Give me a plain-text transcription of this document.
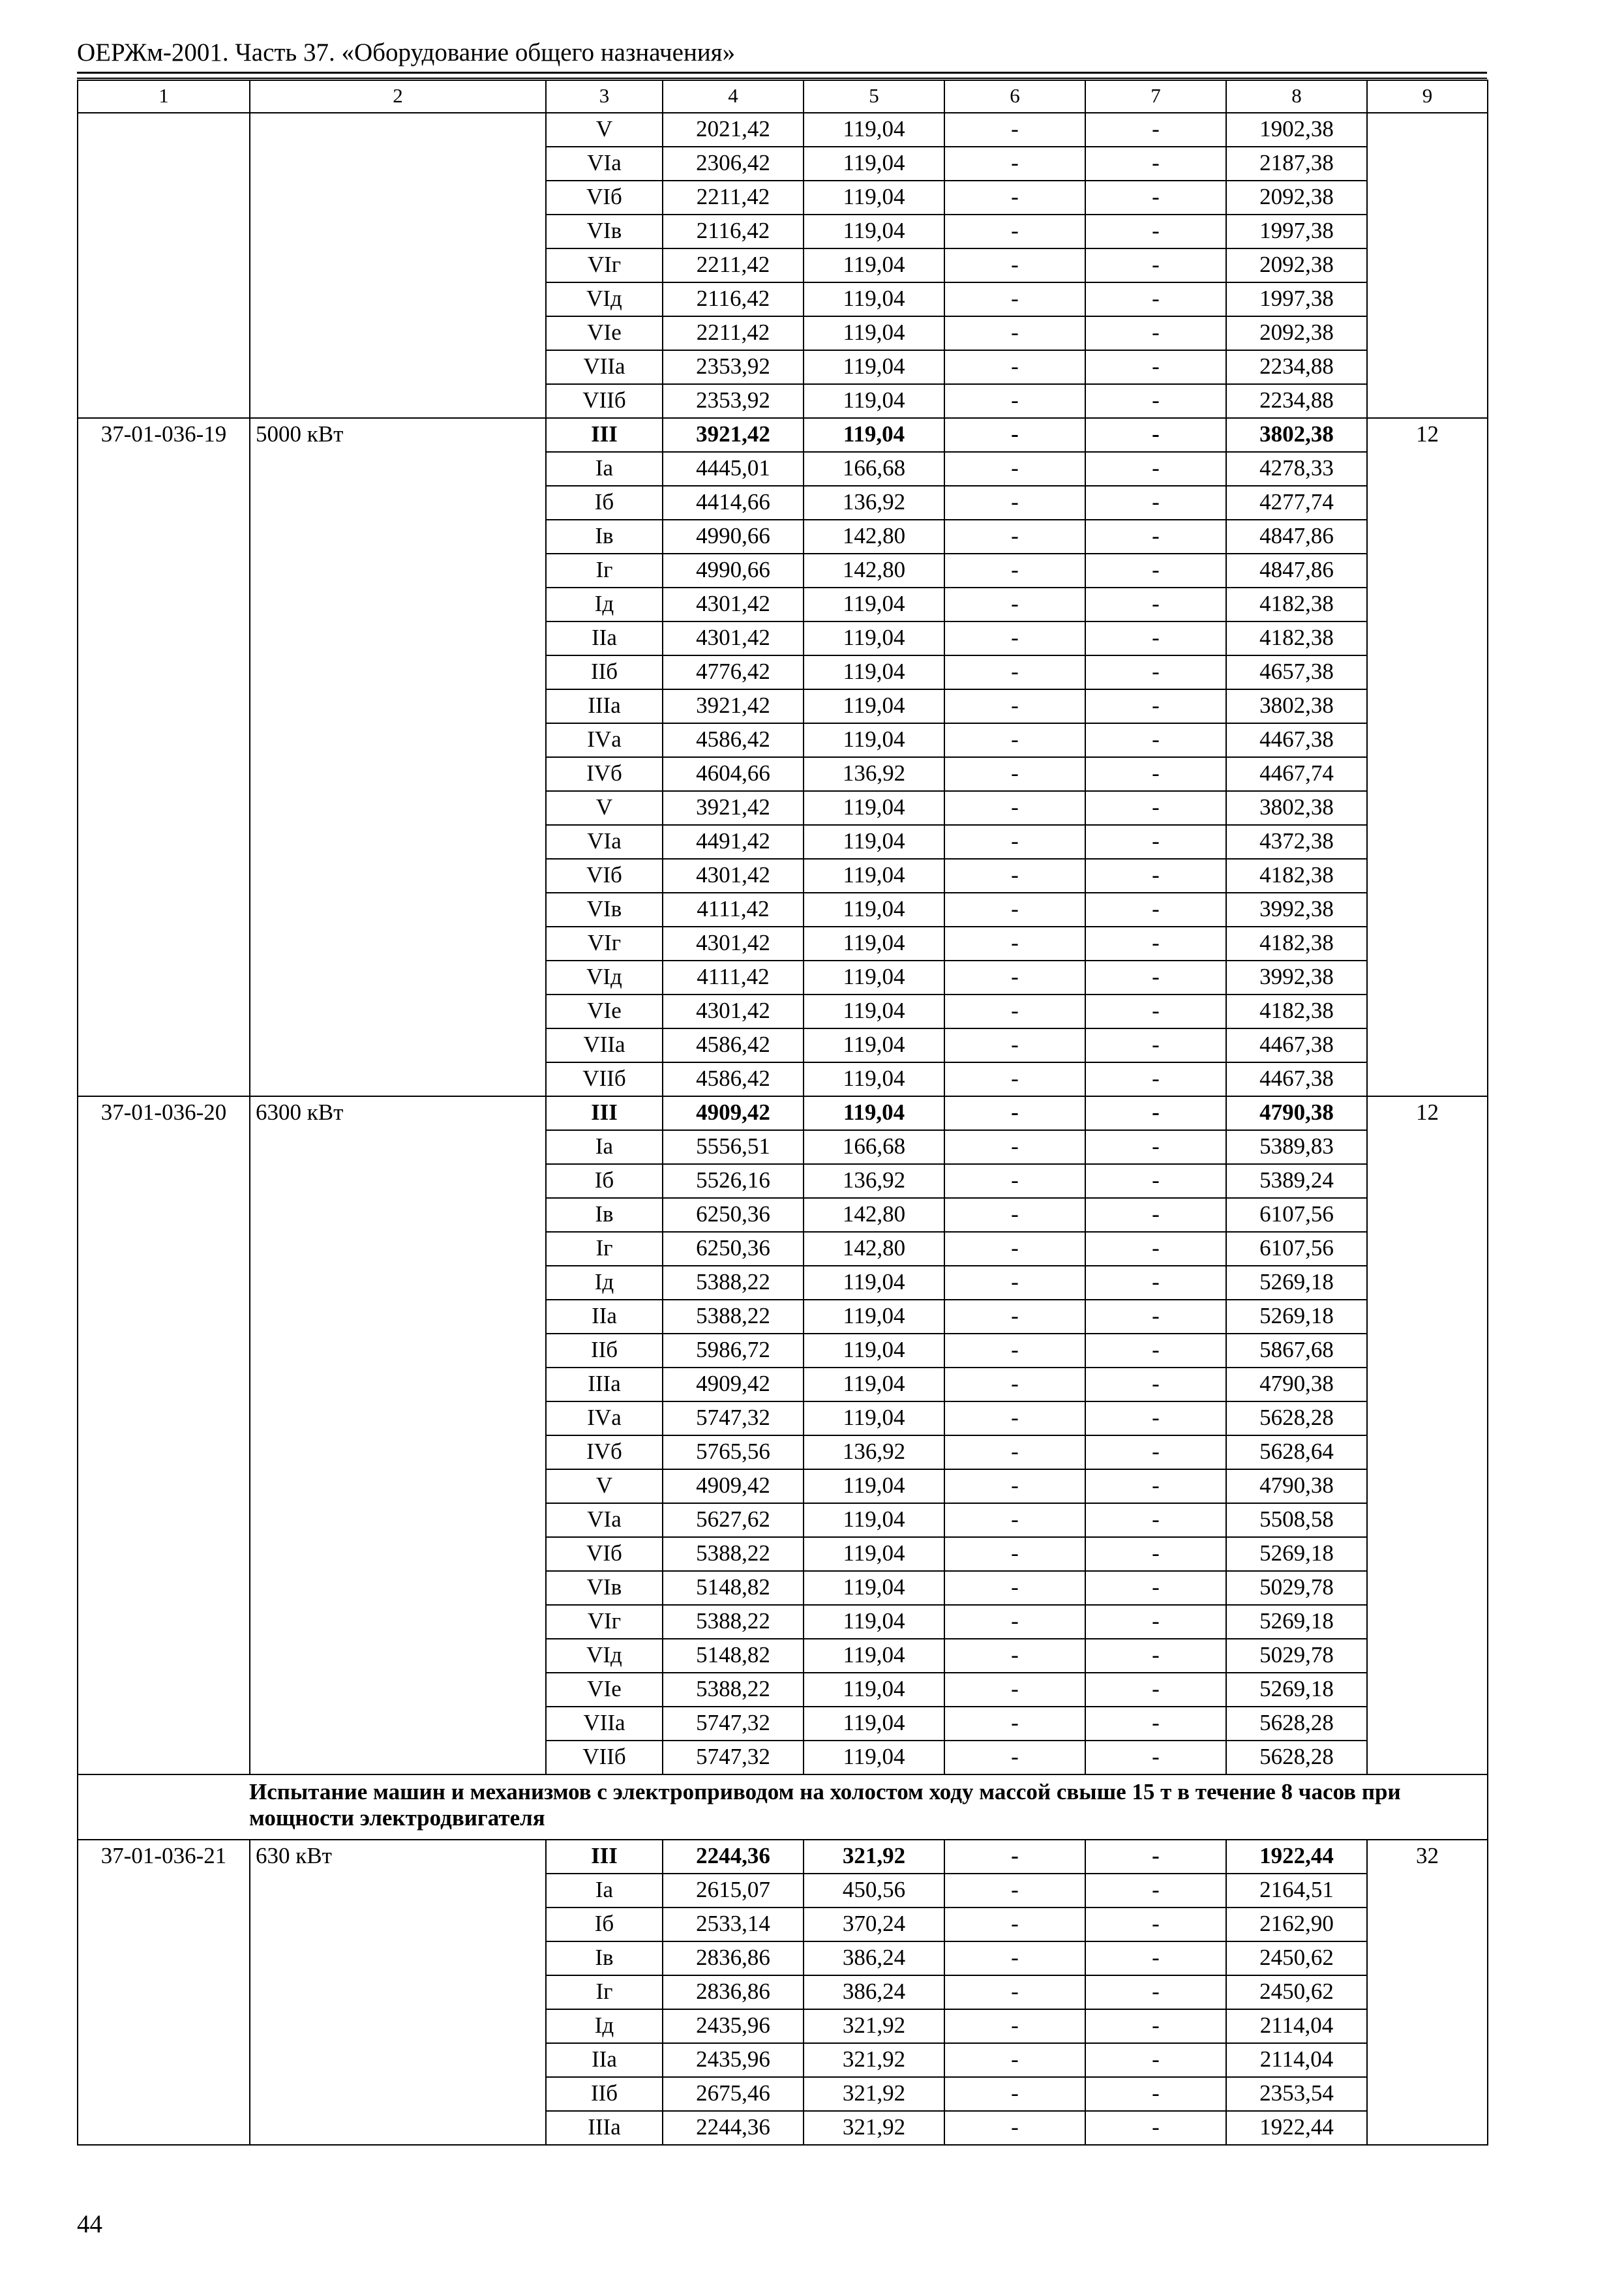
ОЕРЖм-2001. Часть 37. «Оборудование общего назначения»
1	2	3	4	5	6	7	8	9
		V	2021,42	119,04	-	-	1902,38	
		VIа	2306,42	119,04	-	-	2187,38	
		VIб	2211,42	119,04	-	-	2092,38	
		VIв	2116,42	119,04	-	-	1997,38	
		VIг	2211,42	119,04	-	-	2092,38	
		VIд	2116,42	119,04	-	-	1997,38	
		VIе	2211,42	119,04	-	-	2092,38	
		VIIа	2353,92	119,04	-	-	2234,88	
		VIIб	2353,92	119,04	-	-	2234,88	
37-01-036-19	5000 кВт	III	3921,42	119,04	-	-	3802,38	12
		Iа	4445,01	166,68	-	-	4278,33	
		Iб	4414,66	136,92	-	-	4277,74	
		Iв	4990,66	142,80	-	-	4847,86	
		Iг	4990,66	142,80	-	-	4847,86	
		Iд	4301,42	119,04	-	-	4182,38	
		IIа	4301,42	119,04	-	-	4182,38	
		IIб	4776,42	119,04	-	-	4657,38	
		IIIа	3921,42	119,04	-	-	3802,38	
		IVа	4586,42	119,04	-	-	4467,38	
		IVб	4604,66	136,92	-	-	4467,74	
		V	3921,42	119,04	-	-	3802,38	
		VIа	4491,42	119,04	-	-	4372,38	
		VIб	4301,42	119,04	-	-	4182,38	
		VIв	4111,42	119,04	-	-	3992,38	
		VIг	4301,42	119,04	-	-	4182,38	
		VIд	4111,42	119,04	-	-	3992,38	
		VIе	4301,42	119,04	-	-	4182,38	
		VIIа	4586,42	119,04	-	-	4467,38	
		VIIб	4586,42	119,04	-	-	4467,38	
37-01-036-20	6300 кВт	III	4909,42	119,04	-	-	4790,38	12
		Iа	5556,51	166,68	-	-	5389,83	
		Iб	5526,16	136,92	-	-	5389,24	
		Iв	6250,36	142,80	-	-	6107,56	
		Iг	6250,36	142,80	-	-	6107,56	
		Iд	5388,22	119,04	-	-	5269,18	
		IIа	5388,22	119,04	-	-	5269,18	
		IIб	5986,72	119,04	-	-	5867,68	
		IIIа	4909,42	119,04	-	-	4790,38	
		IVа	5747,32	119,04	-	-	5628,28	
		IVб	5765,56	136,92	-	-	5628,64	
		V	4909,42	119,04	-	-	4790,38	
		VIа	5627,62	119,04	-	-	5508,58	
		VIб	5388,22	119,04	-	-	5269,18	
		VIв	5148,82	119,04	-	-	5029,78	
		VIг	5388,22	119,04	-	-	5269,18	
		VIд	5148,82	119,04	-	-	5029,78	
		VIе	5388,22	119,04	-	-	5269,18	
		VIIа	5747,32	119,04	-	-	5628,28	
		VIIб	5747,32	119,04	-	-	5628,28	
Испытание машин и механизмов с электроприводом на холостом ходу массой свыше 15 т в течение 8 часов при мощности электродвигателя								
37-01-036-21	630 кВт	III	2244,36	321,92	-	-	1922,44	32
		Iа	2615,07	450,56	-	-	2164,51	
		Iб	2533,14	370,24	-	-	2162,90	
		Iв	2836,86	386,24	-	-	2450,62	
		Iг	2836,86	386,24	-	-	2450,62	
		Iд	2435,96	321,92	-	-	2114,04	
		IIа	2435,96	321,92	-	-	2114,04	
		IIб	2675,46	321,92	-	-	2353,54	
		IIIа	2244,36	321,92	-	-	1922,44	
44
